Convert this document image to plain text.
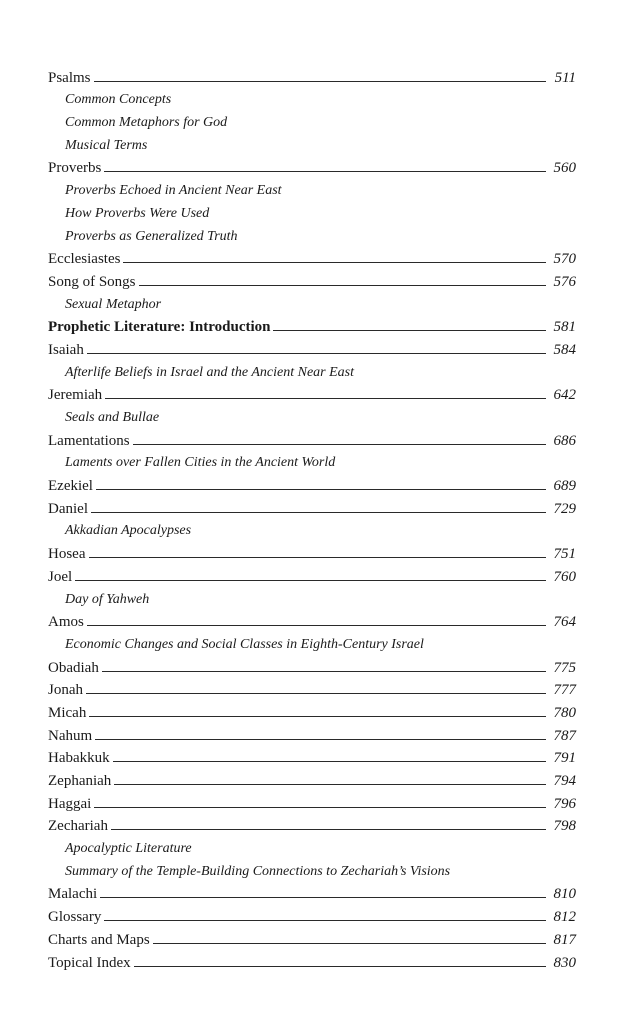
Psalms	511
Common Concepts
Common Metaphors for God
Musical Terms
Proverbs	560
Proverbs Echoed in Ancient Near East
How Proverbs Were Used
Proverbs as Generalized Truth
Ecclesiastes	570
Song of Songs	576
Sexual Metaphor
Prophetic Literature: Introduction	581
Isaiah	584
Afterlife Beliefs in Israel and the Ancient Near East
Jeremiah	642
Seals and Bullae
Lamentations	686
Laments over Fallen Cities in the Ancient World
Ezekiel	689
Daniel	729
Akkadian Apocalypses
Hosea	751
Joel	760
Day of Yahweh
Amos	764
Economic Changes and Social Classes in Eighth-Century Israel
Obadiah	775
Jonah	777
Micah	780
Nahum	787
Habakkuk	791
Zephaniah	794
Haggai	796
Zechariah	798
Apocalyptic Literature
Summary of the Temple-Building Connections to Zechariah’s Visions
Malachi	810
Glossary	812
Charts and Maps	817
Topical Index	830
